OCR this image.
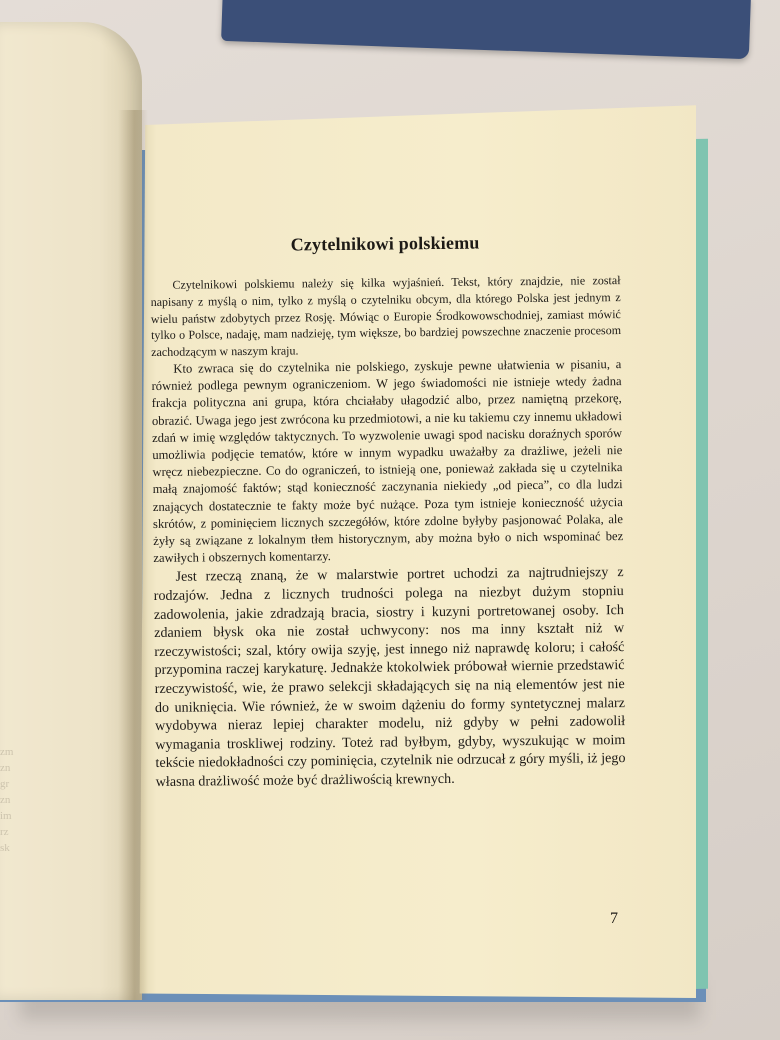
zm
zn
gr
zn
im
rz
sk
Czytelnikowi polskiemu

Czytelnikowi polskiemu należy się kilka wyjaśnień. Tekst, który znajdzie, nie został napisany z myślą o nim, tylko z myślą o czytelniku obcym, dla którego Polska jest jednym z wielu państw zdobytych przez Rosję. Mówiąc o Europie Środkowowschodniej, zamiast mówić tylko o Polsce, nadaję, mam nadzieję, tym większe, bo bardziej powszechne znaczenie procesom zachodzącym w naszym kraju.

Kto zwraca się do czytelnika nie polskiego, zyskuje pewne ułatwienia w pisaniu, a również podlega pewnym ograniczeniom. W jego świadomości nie istnieje wtedy żadna frakcja polityczna ani grupa, która chciałaby ułagodzić albo, przez namiętną przekorę, obrazić. Uwaga jego jest zwrócona ku przedmiotowi, a nie ku takiemu czy innemu układowi zdań w imię względów taktycznych. To wyzwolenie uwagi spod nacisku doraźnych sporów umożliwia podjęcie tematów, które w innym wypadku uważałby za drażliwe, jeżeli nie wręcz niebezpieczne. Co do ograniczeń, to istnieją one, ponieważ zakłada się u czytelnika małą znajomość faktów; stąd konieczność zaczynania niekiedy „od pieca”, co dla ludzi znających dostatecznie te fakty może być nużące. Poza tym istnieje konieczność użycia skrótów, z pominięciem licznych szczegółów, które zdolne byłyby pasjonować Polaka, ale żyły są związane z lokalnym tłem historycznym, aby można było o nich wspominać bez zawiłych i obszernych komentarzy.

Jest rzeczą znaną, że w malarstwie portret uchodzi za najtrudniejszy z rodzajów. Jedna z licznych trudności polega na niezbyt dużym stopniu zadowolenia, jakie zdradzają bracia, siostry i kuzyni portretowanej osoby. Ich zdaniem błysk oka nie został uchwycony: nos ma inny kształt niż w rzeczywistości; szal, który owija szyję, jest innego niż naprawdę koloru; i całość przypomina raczej karykaturę. Jednakże ktokolwiek próbował wiernie przedstawić rzeczywistość, wie, że prawo selekcji składających się na nią elementów jest nie do uniknięcia. Wie również, że w swoim dążeniu do formy syntetycznej malarz wydobywa nieraz lepiej charakter modelu, niż gdyby w pełni zadowolił wymagania troskliwej rodziny. Toteż rad byłbym, gdyby, wyszukując w moim tekście niedokładności czy pominięcia, czytelnik nie odrzucał z góry myśli, iż jego własna drażliwość może być drażliwością krewnych.

7
